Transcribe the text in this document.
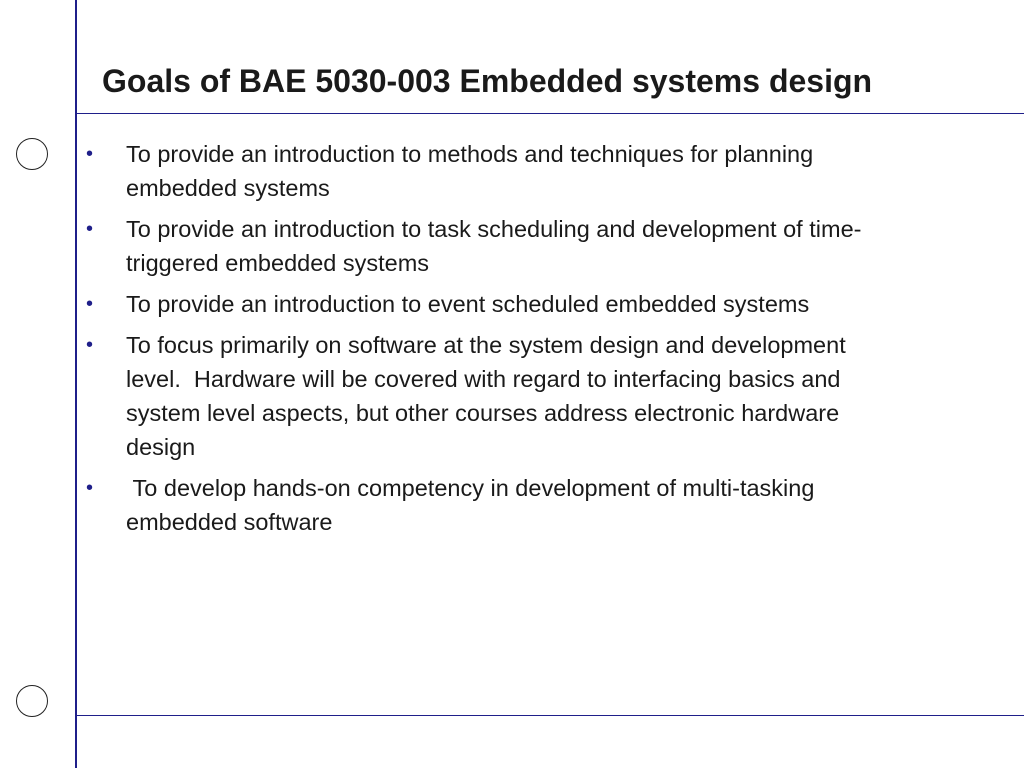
Goals of BAE 5030-003 Embedded systems design
• To provide an introduction to methods and techniques for planning embedded systems
• To provide an introduction to task scheduling and development of time-triggered embedded systems
• To provide an introduction to event scheduled embedded systems
• To focus primarily on software at the system design and development level.  Hardware will be covered with regard to interfacing basics and system level aspects, but other courses address electronic hardware design
• To develop hands-on competency in development of multi-tasking embedded software
